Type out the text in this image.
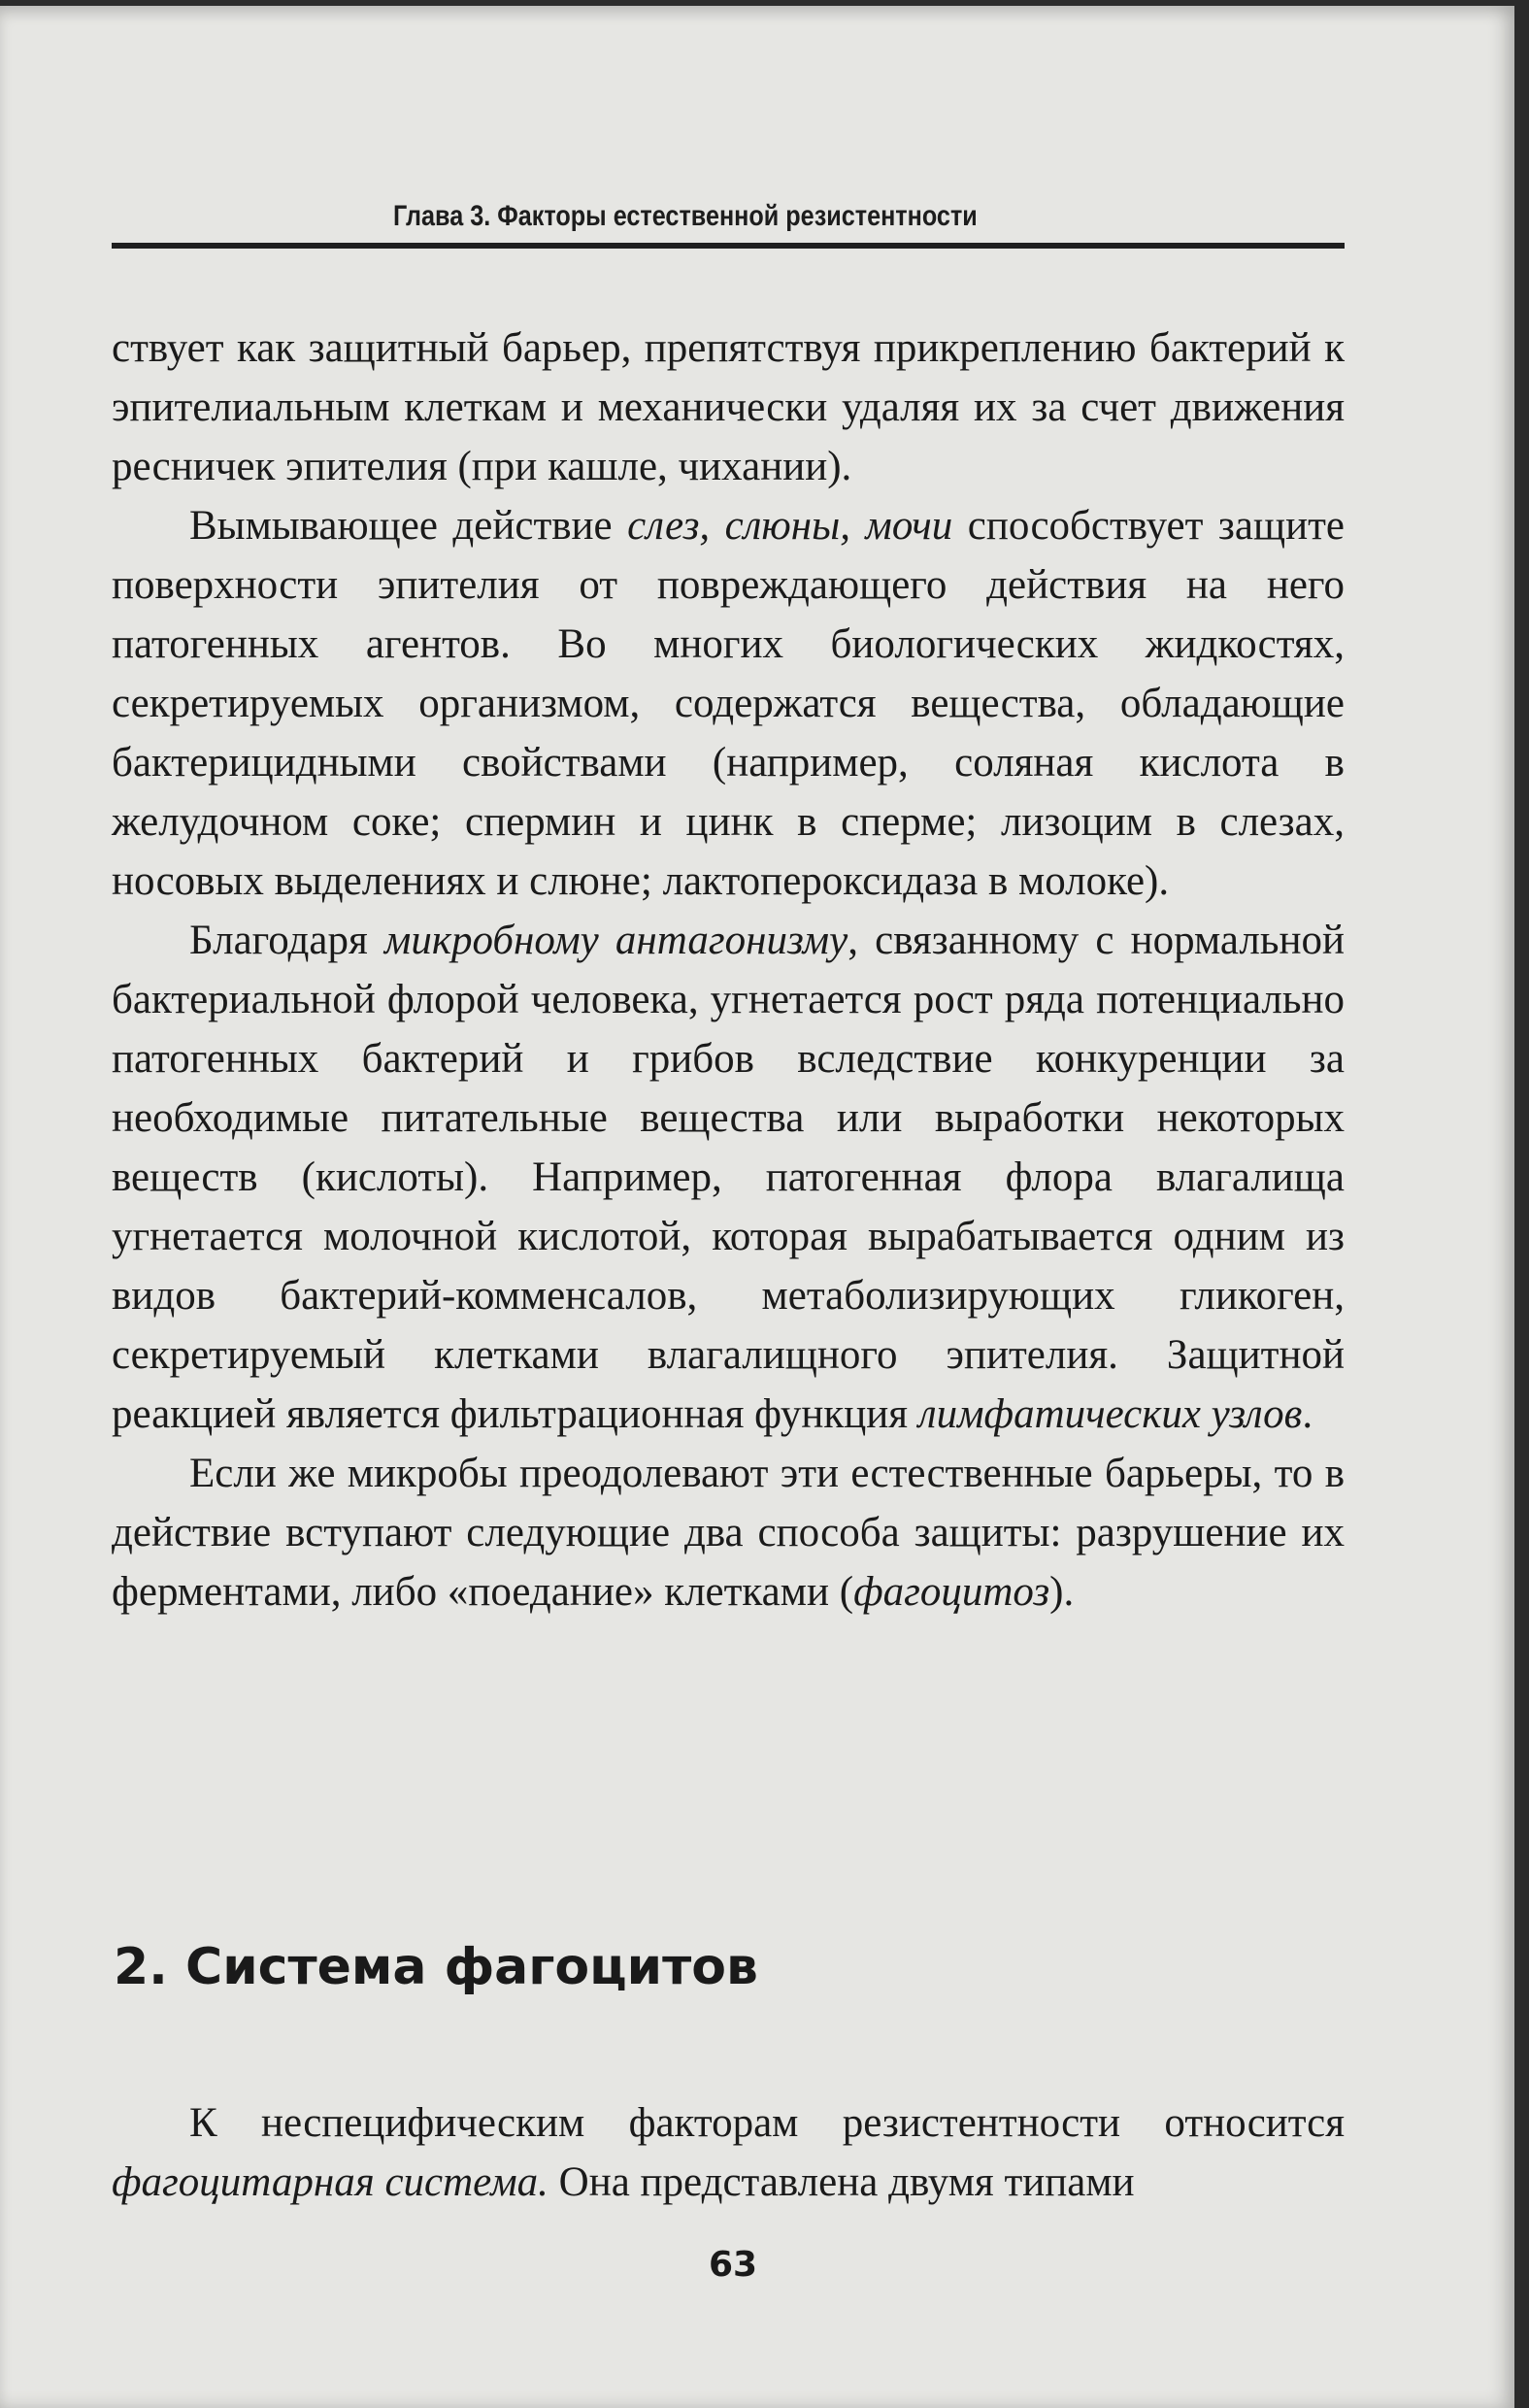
Глава 3. Факторы естественной резистентности

ствует как защитный барьер, препятствуя прикреплению бактерий к эпителиальным клеткам и механически удаляя их за счет движения ресничек эпителия (при кашле, чихании).

Вымывающее действие слез, слюны, мочи способствует защите поверхности эпителия от повреждающего действия на него патогенных агентов. Во многих биологических жидкостях, секретируемых организмом, содержатся вещества, обладающие бактерицидными свойствами (например, соляная кислота в желудочном соке; спермин и цинк в сперме; лизоцим в слезах, носовых выделениях и слюне; лактопероксидаза в молоке).

Благодаря микробному антагонизму, связанному с нормальной бактериальной флорой человека, угнетается рост ряда потенциально патогенных бактерий и грибов вследствие конкуренции за необходимые питательные вещества или выработки некоторых веществ (кислоты). Например, патогенная флора влагалища угнетается молочной кислотой, которая вырабатывается одним из видов бактерий-комменсалов, метаболизирующих гликоген, секретируемый клетками влагалищного эпителия. Защитной реакцией является фильтрационная функция лимфатических узлов.

Если же микробы преодолевают эти естественные барьеры, то в действие вступают следующие два способа защиты: разрушение их ферментами, либо «поедание» клетками (фагоцитоз).

2. Система фагоцитов

К неспецифическим факторам резистентности относится фагоцитарная система. Она представлена двумя типами

63
